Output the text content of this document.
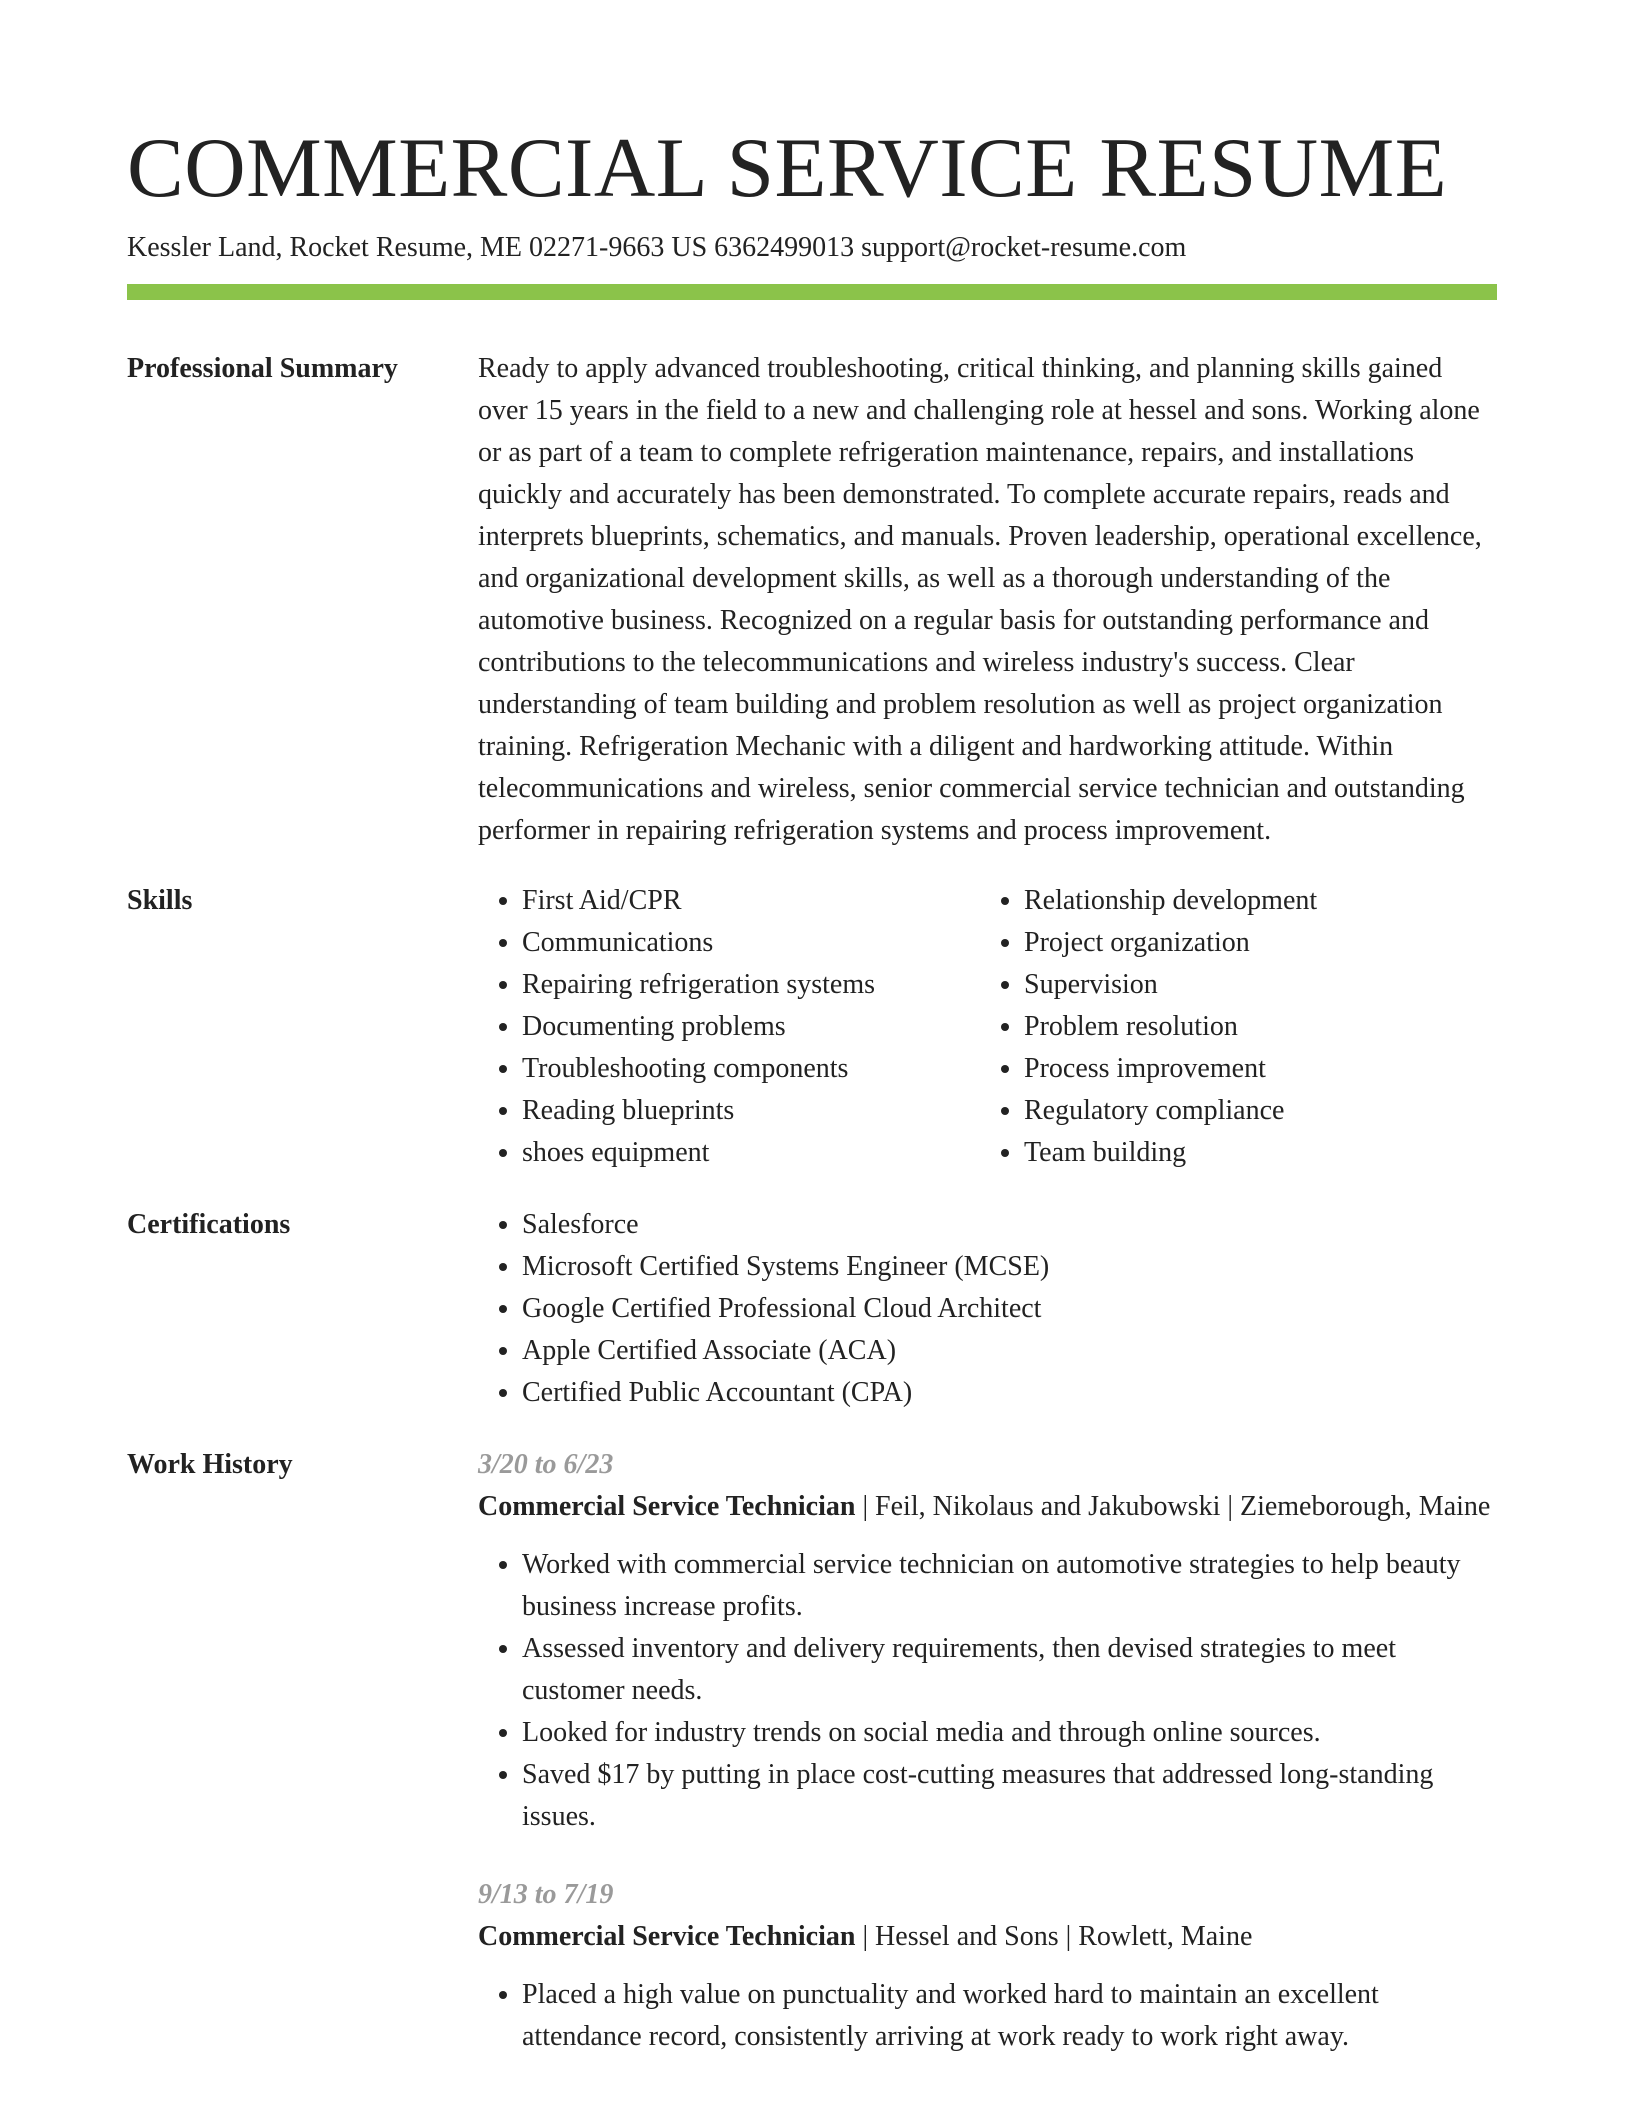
COMMERCIAL SERVICE RESUME
Kessler Land, Rocket Resume, ME 02271-9663 US 6362499013 support@rocket-resume.com
Professional Summary	Ready to apply advanced troubleshooting, critical thinking, and planning skills gained over 15 years in the field to a new and challenging role at hessel and sons. Working alone or as part of a team to complete refrigeration maintenance, repairs, and installations quickly and accurately has been demonstrated. To complete accurate repairs, reads and interprets blueprints, schematics, and manuals. Proven leadership, operational excellence, and organizational development skills, as well as a thorough understanding of the automotive business. Recognized on a regular basis for outstanding performance and contributions to the telecommunications and wireless industry's success. Clear understanding of team building and problem resolution as well as project organization training. Refrigeration Mechanic with a diligent and hardworking attitude. Within telecommunications and wireless, senior commercial service technician and outstanding performer in repairing refrigeration systems and process improvement.

Skills	• First Aid/CPR
• Communications
• Repairing refrigeration systems
• Documenting problems
• Troubleshooting components
• Reading blueprints
• shoes equipment
• Relationship development
• Project organization
• Supervision
• Problem resolution
• Process improvement
• Regulatory compliance
• Team building
Certifications	• Salesforce
• Microsoft Certified Systems Engineer (MCSE)
• Google Certified Professional Cloud Architect
• Apple Certified Associate (ACA)
• Certified Public Accountant (CPA)
Work History	3/20 to 6/23
Commercial Service Technician | Feil, Nikolaus and Jakubowski | Ziemeborough, Maine
• Worked with commercial service technician on automotive strategies to help beauty business increase profits.
• Assessed inventory and delivery requirements, then devised strategies to meet customer needs.
• Looked for industry trends on social media and through online sources.
• Saved $17 by putting in place cost-cutting measures that addressed long-standing issues.
9/13 to 7/19
Commercial Service Technician | Hessel and Sons | Rowlett, Maine
• Placed a high value on punctuality and worked hard to maintain an excellent attendance record, consistently arriving at work ready to work right away.
